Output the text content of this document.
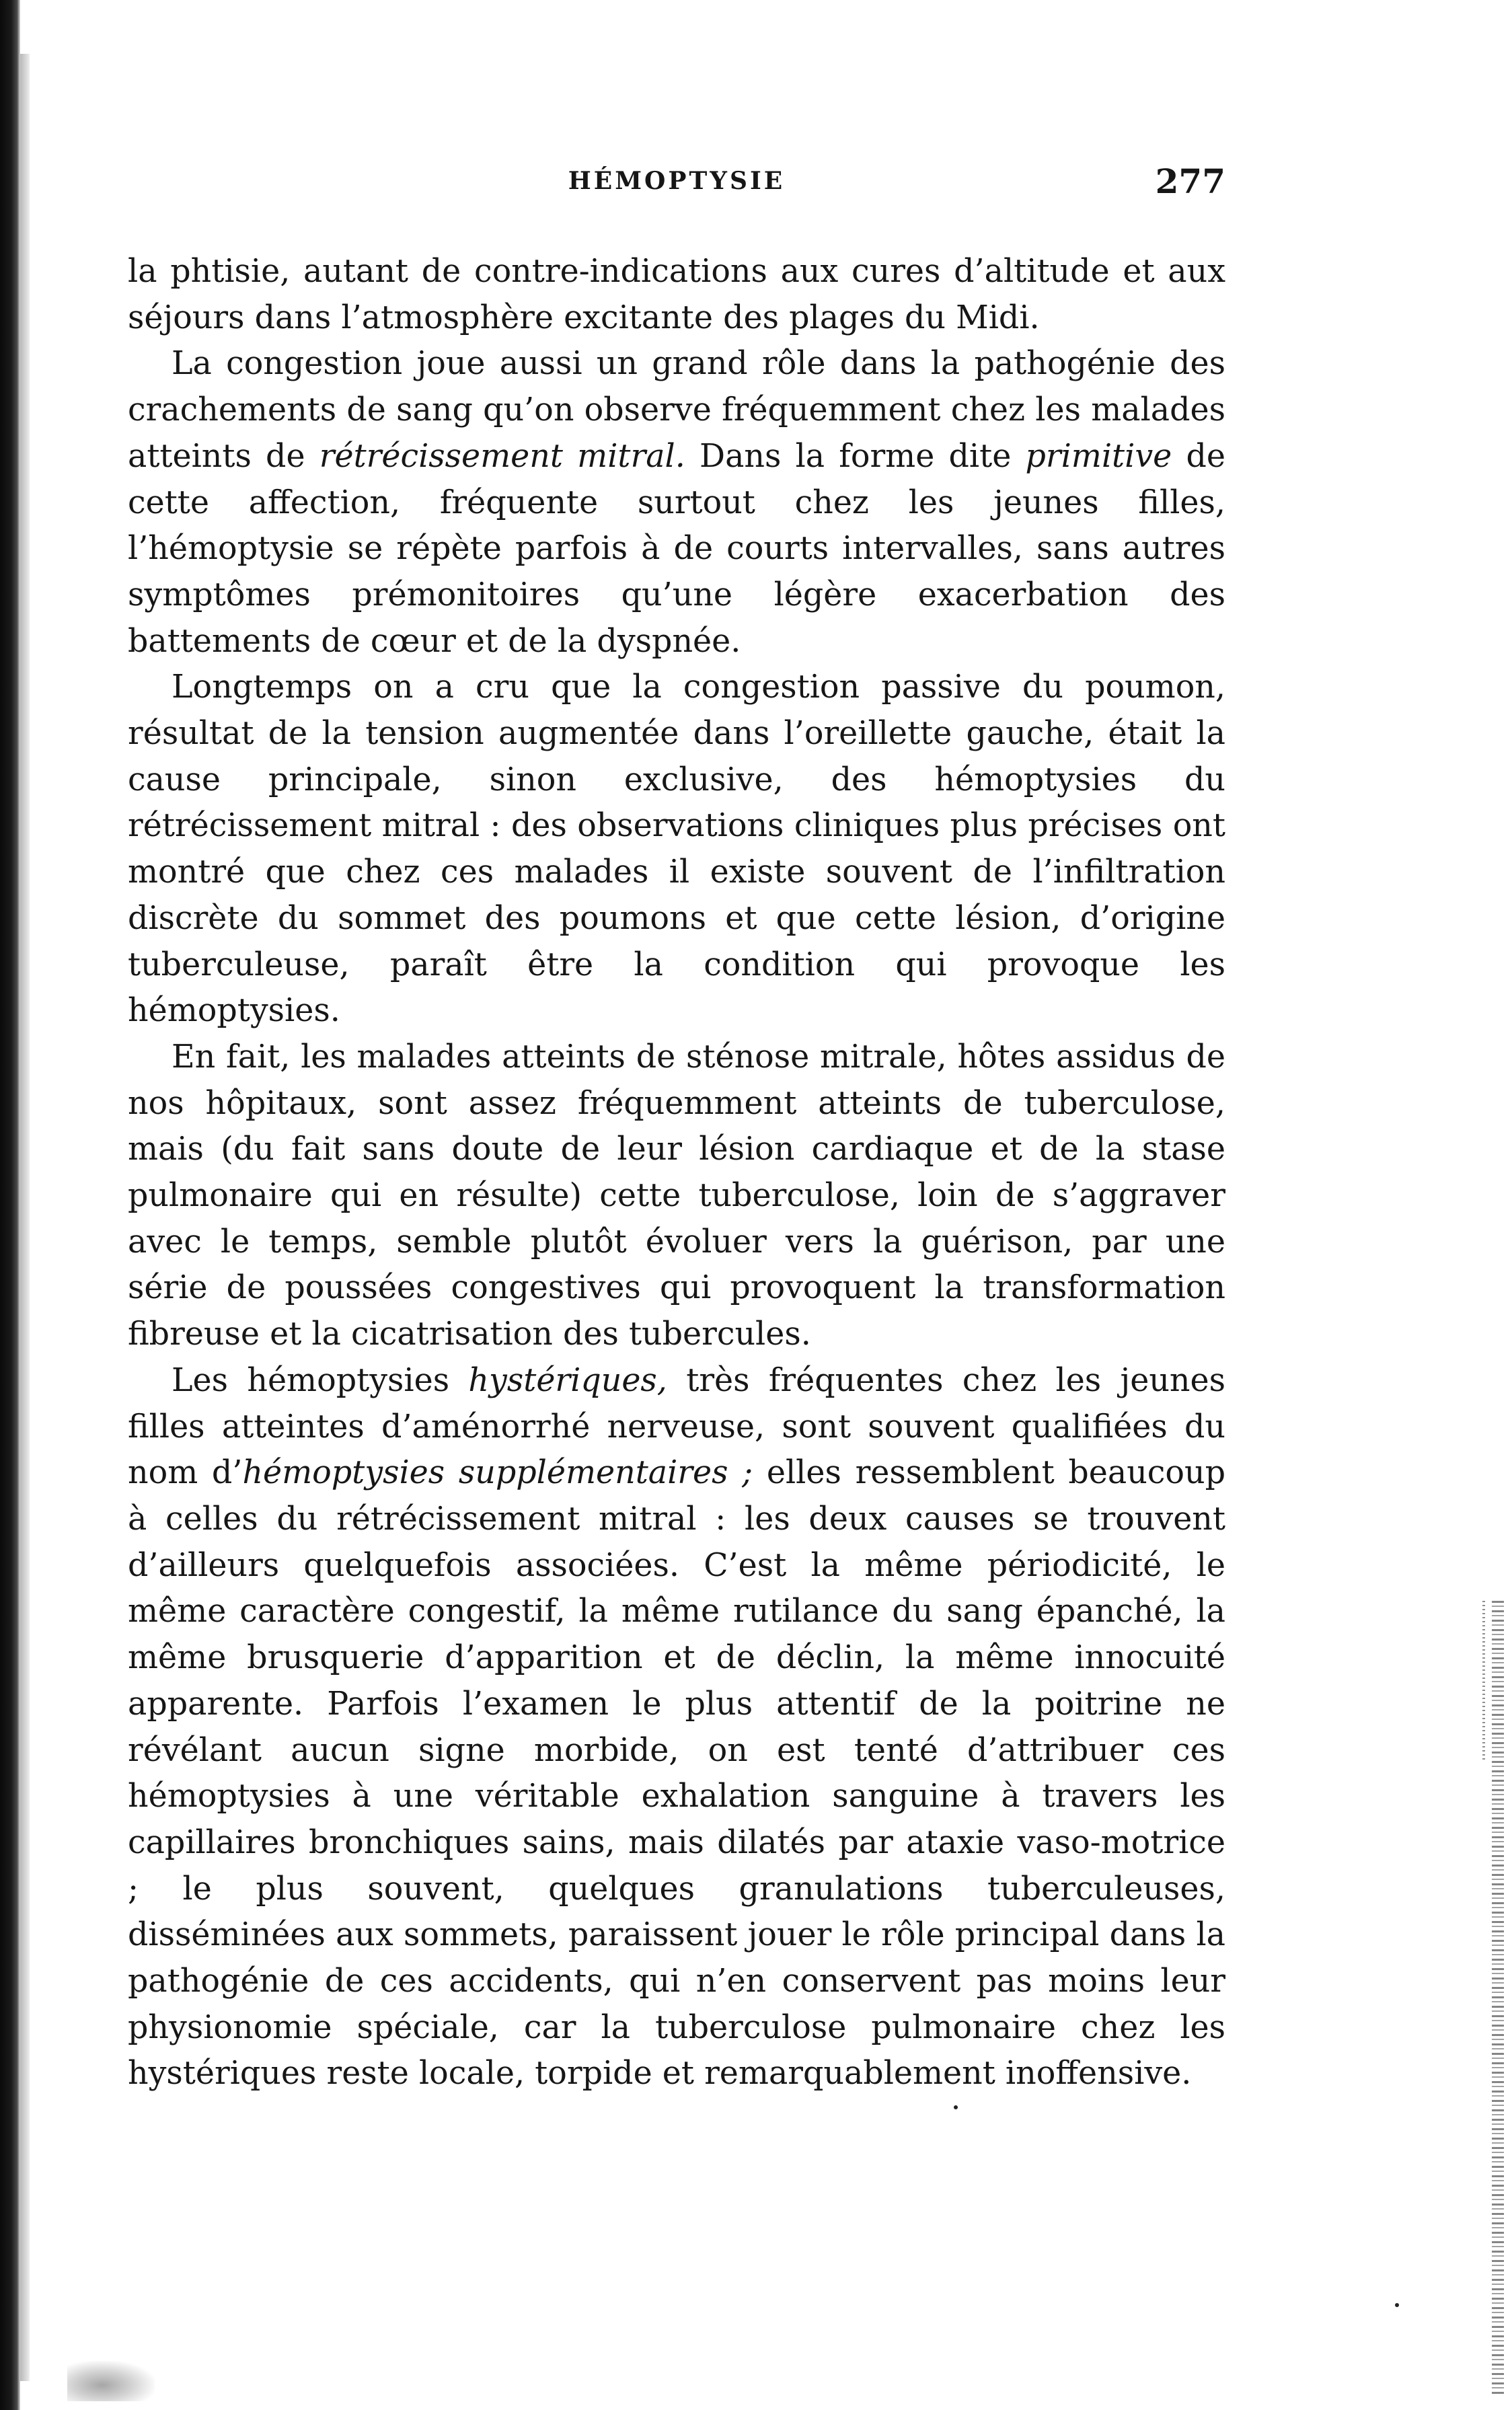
HÉMOPTYSIE	277

la phtisie, autant de contre-indications aux cures d’altitude et aux séjours dans l’atmosphère excitante des plages du Midi.

La congestion joue aussi un grand rôle dans la pathogénie des crachements de sang qu’on observe fréquemment chez les malades atteints de rétrécissement mitral. Dans la forme dite primitive de cette affection, fréquente surtout chez les jeunes filles, l’hémoptysie se répète parfois à de courts intervalles, sans autres symptômes prémonitoires qu’une légère exacerbation des battements de cœur et de la dyspnée.

Longtemps on a cru que la congestion passive du poumon, résultat de la tension augmentée dans l’oreillette gauche, était la cause principale, sinon exclusive, des hémoptysies du rétrécissement mitral : des observations cliniques plus précises ont montré que chez ces malades il existe souvent de l’infiltration discrète du sommet des poumons et que cette lésion, d’origine tuberculeuse, paraît être la condition qui provoque les hémoptysies.

En fait, les malades atteints de sténose mitrale, hôtes assidus de nos hôpitaux, sont assez fréquemment atteints de tuberculose, mais (du fait sans doute de leur lésion cardiaque et de la stase pulmonaire qui en résulte) cette tuberculose, loin de s’aggraver avec le temps, semble plutôt évoluer vers la guérison, par une série de poussées congestives qui provoquent la transformation fibreuse et la cicatrisation des tubercules.

Les hémoptysies hystériques, très fréquentes chez les jeunes filles atteintes d’aménorrhé nerveuse, sont souvent qualifiées du nom d’hémoptysies supplémentaires ; elles ressemblent beaucoup à celles du rétrécissement mitral : les deux causes se trouvent d’ailleurs quelquefois associées. C’est la même périodicité, le même caractère congestif, la même rutilance du sang épanché, la même brusquerie d’apparition et de déclin, la même innocuité apparente. Parfois l’examen le plus attentif de la poitrine ne révélant aucun signe morbide, on est tenté d’attribuer ces hémoptysies à une véritable exhalation sanguine à travers les capillaires bronchiques sains, mais dilatés par ataxie vaso-motrice ; le plus souvent, quelques granulations tuberculeuses, disséminées aux sommets, paraissent jouer le rôle principal dans la pathogénie de ces accidents, qui n’en conservent pas moins leur physionomie spéciale, car la tuberculose pulmonaire chez les hystériques reste locale, torpide et remarquablement inoffensive.
